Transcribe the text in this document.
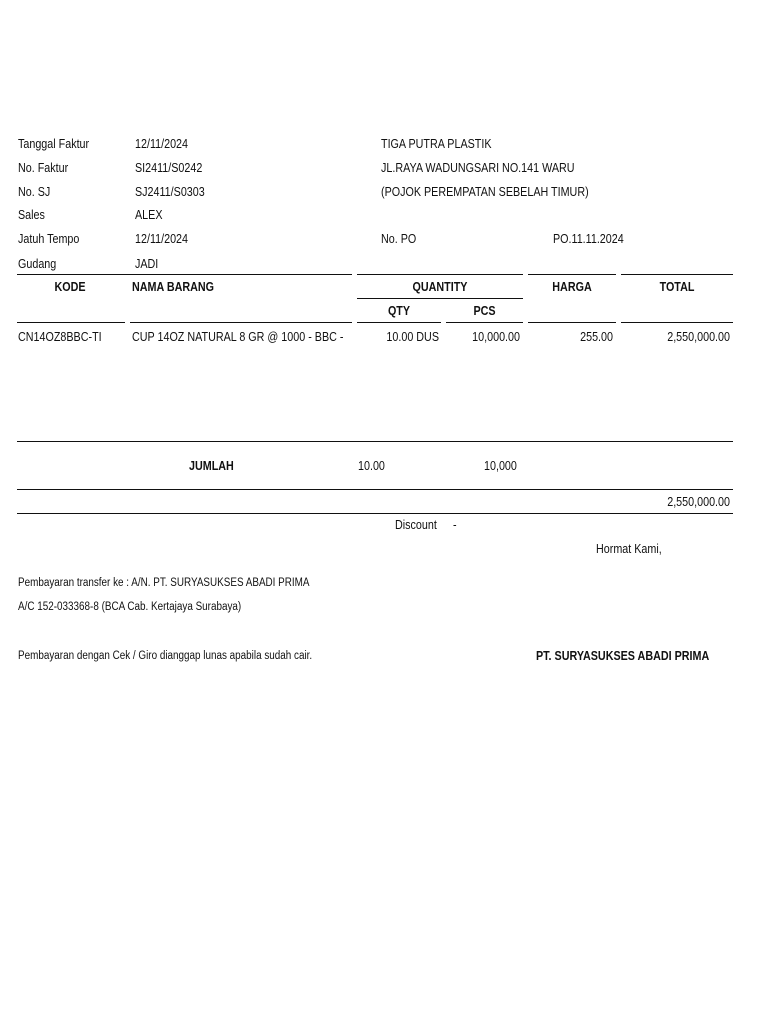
Tanggal Faktur	12/11/2024
No. Faktur	SI2411/S0242
No. SJ	SJ2411/S0303
Sales	ALEX
Jatuh Tempo	12/11/2024
Gudang	JADI
TIGA PUTRA PLASTIK
JL.RAYA WADUNGSARI NO.141 WARU
(POJOK PEREMPATAN SEBELAH TIMUR)
No. PO	PO.11.11.2024
KODE	NAMA BARANG	QUANTITY	HARGA	TOTAL
QTY	PCS
CN14OZ8BBC-TI CUP 14OZ NATURAL 8 GR @ 1000 - BBC -	10.00 DUS	10,000.00	255.00	2,550,000.00
JUMLAH	10.00	10,000
2,550,000.00
Discount -
Hormat Kami,
Pembayaran transfer ke : A/N. PT. SURYASUKSES ABADI PRIMA
A/C 152-033368-8 (BCA Cab. Kertajaya Surabaya)
Pembayaran dengan Cek / Giro dianggap lunas apabila sudah cair.	PT. SURYASUKSES ABADI PRIMA
